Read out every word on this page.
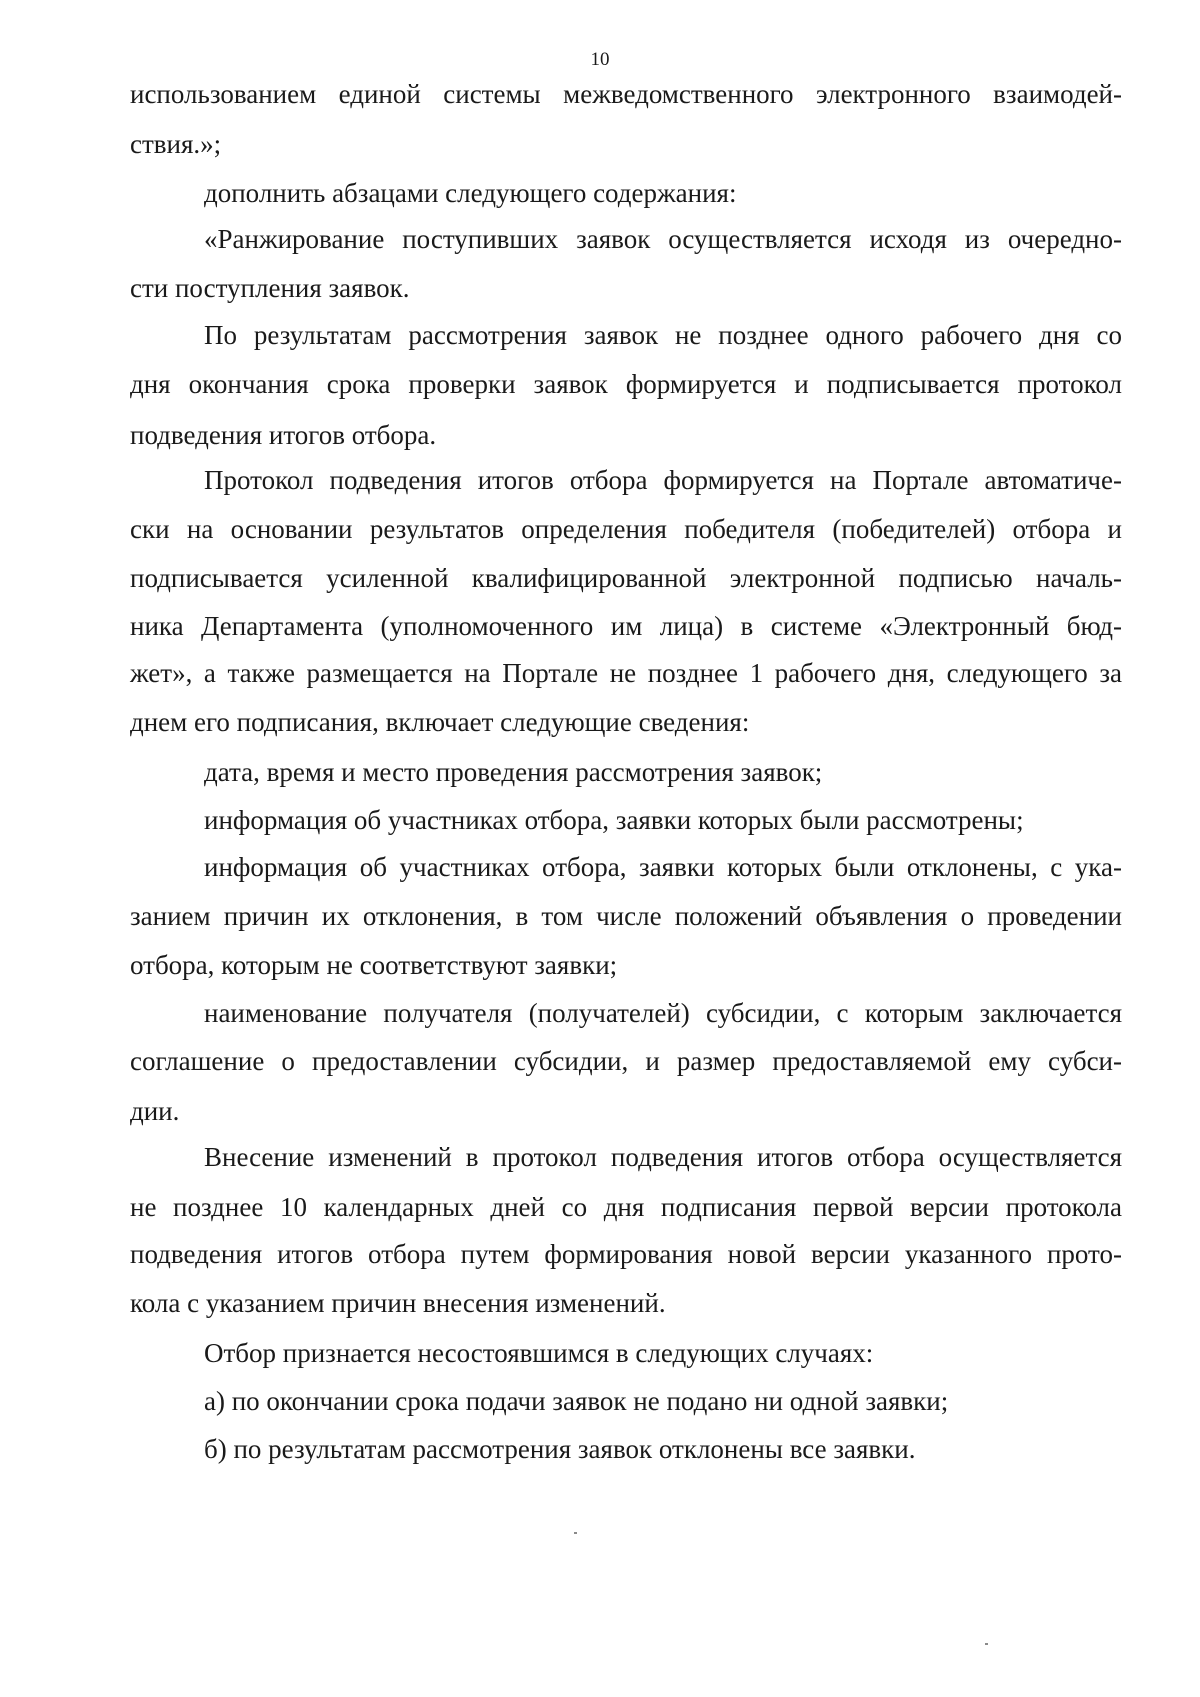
10
использованием единой системы межведомственного электронного взаимодей-
ствия.»;
дополнить абзацами следующего содержания:
«Ранжирование поступивших заявок осуществляется исходя из очередно-
сти поступления заявок.
По результатам рассмотрения заявок не позднее одного рабочего дня со
дня окончания срока проверки заявок формируется и подписывается протокол
подведения итогов отбора.
Протокол подведения итогов отбора формируется на Портале автоматиче-
ски на основании результатов определения победителя (победителей) отбора и
подписывается усиленной квалифицированной электронной подписью началь-
ника Департамента (уполномоченного им лица) в системе «Электронный бюд-
жет», а также размещается на Портале не позднее 1 рабочего дня, следующего за
днем его подписания, включает следующие сведения:
дата, время и место проведения рассмотрения заявок;
информация об участниках отбора, заявки которых были рассмотрены;
информация об участниках отбора, заявки которых были отклонены, с ука-
занием причин их отклонения, в том числе положений объявления о проведении
отбора, которым не соответствуют заявки;
наименование получателя (получателей) субсидии, с которым заключается
соглашение о предоставлении субсидии, и размер предоставляемой ему субси-
дии.
Внесение изменений в протокол подведения итогов отбора осуществляется
не позднее 10 календарных дней со дня подписания первой версии протокола
подведения итогов отбора путем формирования новой версии указанного прото-
кола с указанием причин внесения изменений.
Отбор признается несостоявшимся в следующих случаях:
а) по окончании срока подачи заявок не подано ни одной заявки;
б) по результатам рассмотрения заявок отклонены все заявки.
